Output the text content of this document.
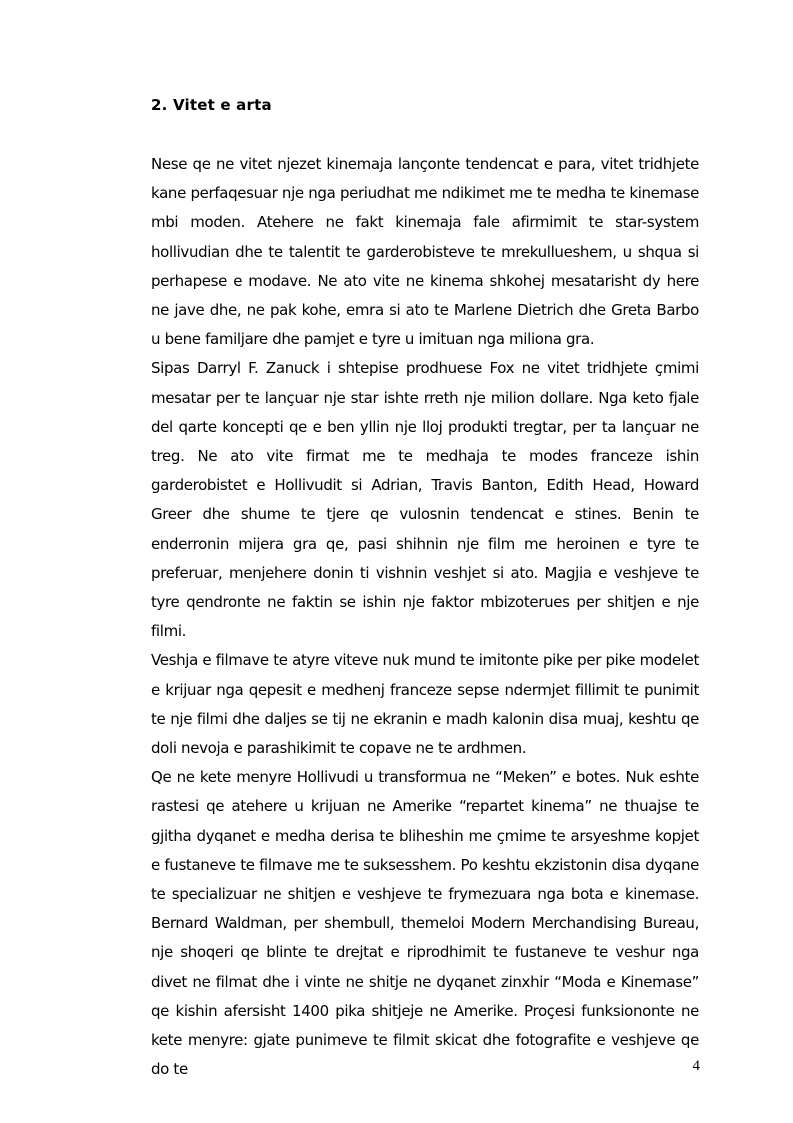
2. Vitet e arta

Nese qe ne vitet njezet kinemaja lançonte tendencat e para, vitet tridhjete kane perfaqesuar nje nga periudhat me ndikimet me te medha te kinemase mbi moden. Atehere ne fakt kinemaja fale afirmimit te star-system hollivudian dhe te talentit te garderobisteve te mrekullueshem, u shqua si perhapese e modave. Ne ato vite ne kinema shkohej mesatarisht dy here ne jave dhe, ne pak kohe, emra si ato te Marlene Dietrich dhe Greta Barbo u bene familjare dhe pamjet e tyre u imituan nga miliona gra.

Sipas Darryl F. Zanuck i shtepise prodhuese Fox ne vitet tridhjete çmimi mesatar per te lançuar nje star ishte rreth nje milion dollare. Nga keto fjale del qarte koncepti qe e ben yllin nje lloj produkti tregtar, per ta lançuar ne treg. Ne ato vite firmat me te medhaja te modes franceze ishin garderobistet e Hollivudit si Adrian, Travis Banton, Edith Head, Howard Greer dhe shume te tjere qe vulosnin tendencat e stines. Benin te enderronin mijera gra qe, pasi shihnin nje film me heroinen e tyre te preferuar, menjehere donin ti vishnin veshjet si ato. Magjia e veshjeve te tyre qendronte ne faktin se ishin nje faktor mbizoterues per shitjen e nje filmi.

Veshja e filmave te atyre viteve nuk mund te imitonte pike per pike modelet e krijuar nga qepesit e medhenj franceze sepse ndermjet fillimit te punimit te nje filmi dhe daljes se tij ne ekranin e madh kalonin disa muaj, keshtu qe doli nevoja e parashikimit te copave ne te ardhmen.

Qe ne kete menyre Hollivudi u transformua ne “Meken” e botes. Nuk eshte rastesi qe atehere u krijuan ne Amerike “repartet kinema” ne thuajse te gjitha dyqanet e medha derisa te bliheshin me çmime te arsyeshme kopjet e fustaneve te filmave me te suksesshem. Po keshtu ekzistonin disa dyqane te specializuar ne shitjen e veshjeve te frymezuara nga bota e kinemase. Bernard Waldman, per shembull, themeloi Modern Merchandising Bureau, nje shoqeri qe blinte te drejtat e riprodhimit te fustaneve te veshur nga divet ne filmat dhe i vinte ne shitje ne dyqanet zinxhir “Moda e Kinemase” qe kishin afersisht 1400 pika shitjeje ne Amerike. Proçesi funksiononte ne kete menyre: gjate punimeve te filmit skicat dhe fotografite e veshjeve qe do te	4
